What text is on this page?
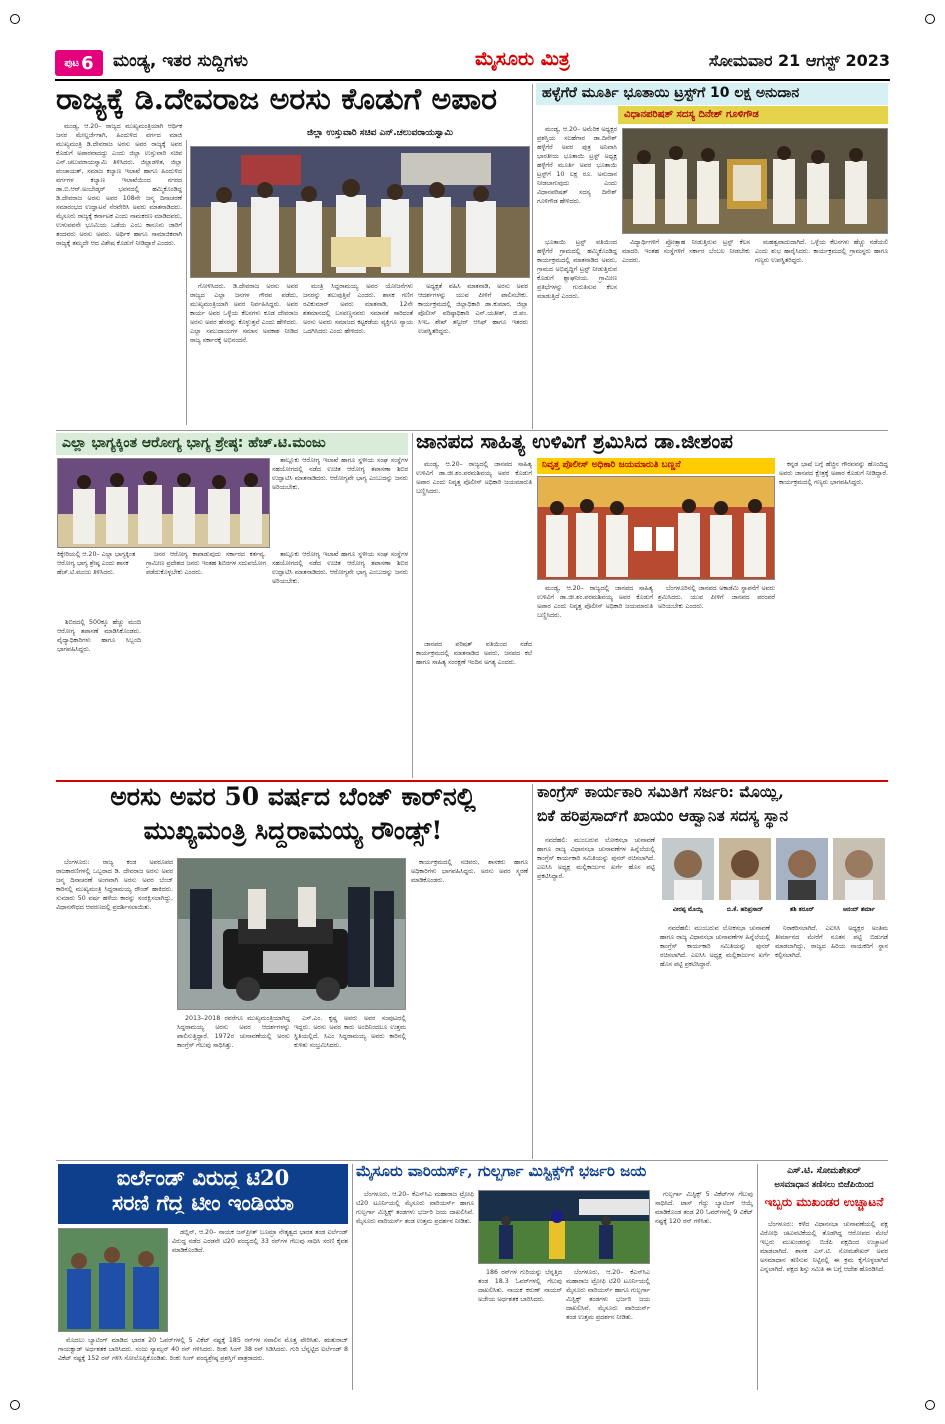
ಪುಟ 6 ಮಂಡ್ಯ, ಇತರ ಸುದ್ದಿಗಳು	ಮೈಸೂರು ಮಿತ್ರ	ಸೋಮವಾರ 21 ಆಗಸ್ಟ್ 2023
ರಾಜ್ಯಕ್ಕೆ ಡಿ.ದೇವರಾಜ ಅರಸು ಕೊಡುಗೆ ಅಪಾರ
ಜಿಲ್ಲಾ ಉಸ್ತುವಾರಿ ಸಚಿವ ಎನ್.ಚಲುವರಾಯಸ್ವಾಮಿ

ಮಂಡ್ಯ, ಆ.20– ರಾಜ್ಯದ ಮುಖ್ಯಮಂತ್ರಿಯಾಗಿ ಆರ್ಥಿಕ ಜನರ ಮೇಲ್ದರ್ಜೆಗಾಗಿ, ಹಿಂದುಳಿದ ವರ್ಗದ ಮಾಜಿ ಮುಖ್ಯಮಂತ್ರಿ ಡಿ.ದೇವರಾಜ ಅರಸು ಅವರ ರಾಜ್ಯಕ್ಕೆ ಅವರ ಕೊಡುಗೆ ಅಪಾರವಾದದ್ದು ಎಂದು ಜಿಲ್ಲಾ ಉಸ್ತುವಾರಿ ಸಚಿವ ಎನ್.ಚಲುವರಾಯಸ್ವಾಮಿ ತಿಳಿಸಿದರು. ಜಿಲ್ಲಾಡಳಿತ, ಜಿಲ್ಲಾ ಪಂಚಾಯತ್, ಸಮಾಜ ಕಲ್ಯಾಣ ಇಲಾಖೆ ಹಾಗೂ ಹಿಂದುಳಿದ ವರ್ಗಗಳ ಕಲ್ಯಾಣ ಇಲಾಖೆಯಿಂದ ನಗರದ ಡಾ.ಬಿ.ಆರ್.ಅಂಬೇಡ್ಕರ್ ಭವನದಲ್ಲಿ ಹಮ್ಮಿಕೊಂಡಿದ್ದ ಡಿ.ದೇವರಾಜ ಅರಸು ಅವರ 108ನೇ ಜನ್ಮ ದಿನಾಚರಣೆ ಸಮಾರಂಭದ ಉದ್ಘಾಟನೆ ನೆರವೇರಿಸಿ ಅವರು ಮಾತನಾಡಿದರು. ಮೈಸೂರು ರಾಜ್ಯಕ್ಕೆ ಕರ್ನಾಟಕ ಎಂದು ನಾಮಕರಣ ಮಾಡಿದವರು, ಉಳುವವನೇ ಭೂಮಿಯ ಒಡೆಯ ಎಂಬ ಕಾನೂನು ಜಾರಿಗೆ ತಂದವರು ಅರಸು ಅವರು. ಅರ್ಥಿಕ ಹಾಗೂ ಸಾಮಾಜಿಕವಾಗಿ ರಾಜ್ಯಕ್ಕೆ ತಮ್ಮದೇ ಆದ ವಿಶೇಷ ಕೊಡುಗೆ ನೀಡಿದ್ದಾರೆ ಎಂದರು.

ಗೋಳಿಸಿದರು. ಡಿ.ದೇವರಾಜ ಅರಸು ಅವರ ರಾಜ್ಯದ ಎಲ್ಲಾ ಜನಗಳ ಗೌರವ ಪಡೆದು, ಮುಖ್ಯಮಂತ್ರಿಯಾಗಿ ಅವರ ನಿರ್ವಹಿಸಿದ್ದರು. ಅವರ ಕಾರ್ಯ ಅವರ ಒಳ್ಳೆಯ ಕೆಲಸಗಳು ಕೂಡ ದೇವರಾಜ ಅರಸು ಅವರ ಹೆಸರನ್ನು ಕೊಳ್ಳುತ್ತವೆ ಎಂದು ಹೇಳಿದರು. ಎಲ್ಲಾ ಸಮುದಾಯಗಳ ಸಮಾನ ಅವಕಾಶ ನೀಡಿದ ರಾಜ್ಯ ಸರ್ಕಾರಕ್ಕೆ ಅಭಿನಂದನೆ.

ಮಂತ್ರಿ ಸಿದ್ದರಾಮಯ್ಯ ಅವರ ಯೋಜನೆಗಳು ಜನರನ್ನು ತಲುಪುತ್ತಿವೆ ಎಂದರು. ಶಾಸಕ ಗಣಿಗ ರವಿಕುಮಾರ್ ಅವರು ಮಾತನಾಡಿ, 12ನೇ ಶತಮಾನದಲ್ಲಿ ಬಸವಣ್ಣನವರು ಸಮಾನತೆ ಸಾರಿದಂತೆ ಅರಸು ಅವರು ಸಮಾಜದ ಕಟ್ಟಕಡೆಯ ವ್ಯಕ್ತಿಗೂ ನ್ಯಾಯ ಒದಗಿಸಿದರು ಎಂದು ಹೇಳಿದರು.

ಅಧ್ಯಕ್ಷತೆ ವಹಿಸಿ ಮಾತನಾಡಿ, ಅರಸು ಅವರ ಆದರ್ಶಗಳನ್ನು ಯುವ ಪೀಳಿಗೆ ಪಾಲಿಸಬೇಕು. ಕಾರ್ಯಕ್ರಮದಲ್ಲಿ ಜಿಲ್ಲಾಧಿಕಾರಿ ಡಾ.ಕುಮಾರ, ಜಿಲ್ಲಾ ಪೊಲೀಸ್ ವರಿಷ್ಠಾಧಿಕಾರಿ ಎನ್.ಯತೀಶ್, ಜಿ.ಪಂ. ಸಿಇಒ ಶೇಖ್ ತನ್ವೀರ್ ಆಸಿಫ್ ಹಾಗೂ ಇತರರು ಉಪಸ್ಥಿತರಿದ್ದರು.

ಹಳ್ಳೆಗೆರೆ ಮೂರ್ತಿ ಭೂತಾಯಿ ಟ್ರಸ್ಟ್‌ಗೆ 10 ಲಕ್ಷ ಅನುದಾನ
ವಿಧಾನಪರಿಷತ್ ಸದಸ್ಯ ದಿನೇಶ್ ಗೂಳಿಗೌಡ

ಮಂಡ್ಯ, ಆ.20– ಅಮೆರಿಕ ಅಧ್ಯಕ್ಷರ ಪ್ರಶಸ್ತಿಯ ಸಲಹೆಗಾರ ಡಾ.ದಿನೇಶ್ ಹಳ್ಳೆಗೆರೆ ಅವರ ಪುತ್ರ ಅನಿವಾಸಿ ಭಾರತೀಯ ಭೂತಾಯಿ ಟ್ರಸ್ಟ್ ಅಧ್ಯಕ್ಷ ಹಳ್ಳೆಗೆರೆ ಮೂರ್ತಿ ಅವರ ಭೂತಾಯಿ ಟ್ರಸ್ಟ್‌ಗೆ 10 ಲಕ್ಷ ರೂ. ಅನುದಾನ ನೀಡಲಾಗುವುದು ಎಂದು ವಿಧಾನಪರಿಷತ್ ಸದಸ್ಯ ದಿನೇಶ್ ಗೂಳಿಗೌಡ ಹೇಳಿದರು.

ಭೂತಾಯಿ ಟ್ರಸ್ಟ್ ವತಿಯಿಂದ ಹಳ್ಳೆಗೆರೆ ಗ್ರಾಮದಲ್ಲಿ ಹಮ್ಮಿಕೊಂಡಿದ್ದ ಕಾರ್ಯಕ್ರಮದಲ್ಲಿ ಮಾತನಾಡಿದ ಅವರು, ಗ್ರಾಮದ ಅಭಿವೃದ್ಧಿಗೆ ಟ್ರಸ್ಟ್ ನೀಡುತ್ತಿರುವ ಕೊಡುಗೆ ಶ್ಲಾಘನೀಯ. ಗ್ರಾಮೀಣ ಪ್ರತಿಭೆಗಳನ್ನು ಗುರುತಿಸುವ ಕೆಲಸ ಮಾಡುತ್ತಿದೆ ಎಂದರು.

ವಿದ್ಯಾರ್ಥಿಗಳಿಗೆ ಪ್ರೋತ್ಸಾಹ ನೀಡುತ್ತಿರುವ ಟ್ರಸ್ಟ್ ಕೆಲಸ ಮಾದರಿ. ಇಂತಹ ಸಂಸ್ಥೆಗಳಿಗೆ ಸರ್ಕಾರ ಬೆಂಬಲ ನೀಡಬೇಕು ಎಂದರು.

ಮಹತ್ವವಾದುದಾಗಿದೆ. ಒಳ್ಳೆಯ ಕೆಲಸಗಳು ಹೆಚ್ಚು ನಡೆಯಲಿ ಎಂದು ಶುಭ ಹಾರೈಸಿದರು. ಕಾರ್ಯಕ್ರಮದಲ್ಲಿ ಗ್ರಾಮಸ್ಥರು ಹಾಗೂ ಗಣ್ಯರು ಉಪಸ್ಥಿತರಿದ್ದರು.

ಎಲ್ಲಾ ಭಾಗ್ಯಕ್ಕಿಂತ ಆರೋಗ್ಯ ಭಾಗ್ಯ ಶ್ರೇಷ್ಠ: ಹೆಚ್.ಟಿ.ಮಂಜು

ತಾಲ್ಲೂಕು ಆರೋಗ್ಯ ಇಲಾಖೆ ಹಾಗೂ ಸ್ಥಳೀಯ ಸಂಘ ಸಂಸ್ಥೆಗಳ ಸಹಯೋಗದಲ್ಲಿ ನಡೆದ ಉಚಿತ ಆರೋಗ್ಯ ತಪಾಸಣಾ ಶಿಬಿರ ಉದ್ಘಾಟಿಸಿ ಮಾತನಾಡಿದರು. ಆರೋಗ್ಯವೇ ಭಾಗ್ಯ ಎಂಬುದನ್ನು ಜನರು ಅರಿಯಬೇಕು.

ಕಿಕ್ಕೇರಿಯಲ್ಲಿ ಆ.20– ಎಲ್ಲಾ ಭಾಗ್ಯಕ್ಕಿಂತ ಆರೋಗ್ಯ ಭಾಗ್ಯ ಶ್ರೇಷ್ಠ ಎಂದು ಶಾಸಕ ಹೆಚ್.ಟಿ.ಮಂಜು ತಿಳಿಸಿದರು.

ಶಿಬಿರದಲ್ಲಿ 500ಕ್ಕೂ ಹೆಚ್ಚು ಮಂದಿ ಆರೋಗ್ಯ ತಪಾಸಣೆ ಮಾಡಿಸಿಕೊಂಡರು. ವೈದ್ಯಾಧಿಕಾರಿಗಳು ಹಾಗೂ ಸಿಬ್ಬಂದಿ ಭಾಗವಹಿಸಿದ್ದರು.

ಜನರ ಆರೋಗ್ಯ ಕಾಪಾಡುವುದು ಸರ್ಕಾರದ ಕರ್ತವ್ಯ. ಗ್ರಾಮೀಣ ಪ್ರದೇಶದ ಜನರು ಇಂತಹ ಶಿಬಿರಗಳ ಸದುಪಯೋಗ ಪಡೆದುಕೊಳ್ಳಬೇಕು ಎಂದರು.

ತಾಲ್ಲೂಕು ಆರೋಗ್ಯ ಇಲಾಖೆ ಹಾಗೂ ಸ್ಥಳೀಯ ಸಂಘ ಸಂಸ್ಥೆಗಳ ಸಹಯೋಗದಲ್ಲಿ ನಡೆದ ಉಚಿತ ಆರೋಗ್ಯ ತಪಾಸಣಾ ಶಿಬಿರ ಉದ್ಘಾಟಿಸಿ ಮಾತನಾಡಿದರು. ಆರೋಗ್ಯವೇ ಭಾಗ್ಯ ಎಂಬುದನ್ನು ಜನರು ಅರಿಯಬೇಕು.

ಜಾನಪದ ಸಾಹಿತ್ಯ ಉಳಿವಿಗೆ ಶ್ರಮಿಸಿದ ಡಾ.ಜೀಶಂಪ

ಮಂಡ್ಯ, ಆ.20– ರಾಜ್ಯದಲ್ಲಿ ಜಾನಪದ ಸಾಹಿತ್ಯ ಉಳಿವಿಗೆ ಡಾ.ಜೀ.ಶಂ.ಪರಮಶಿವಯ್ಯ ಅವರ ಕೊಡುಗೆ ಅಪಾರ ಎಂದು ನಿವೃತ್ತ ಪೊಲೀಸ್ ಅಧಿಕಾರಿ ಜಯಮಾರುತಿ ಬಣ್ಣಿಸಿದರು.

ನಿವೃತ್ತ ಪೊಲೀಸ್ ಅಧಿಕಾರಿ ಜಯಮಾರುತಿ ಬಣ್ಣನೆ	ಕನ್ನಡ ಭಾಷೆ ಬಗ್ಗೆ ಹೆಚ್ಚಿನ ಗೌರವವನ್ನು ಹೊಂದಿದ್ದ ಅವರು ಜಾನಪದ ಕ್ಷೇತ್ರಕ್ಕೆ ಅಪಾರ ಕೊಡುಗೆ ನೀಡಿದ್ದಾರೆ. ಕಾರ್ಯಕ್ರಮದಲ್ಲಿ ಗಣ್ಯರು ಭಾಗವಹಿಸಿದ್ದರು.

ಜಾನಪದ ಪರಿಷತ್ ವತಿಯಿಂದ ನಡೆದ ಕಾರ್ಯಕ್ರಮದಲ್ಲಿ ಮಾತನಾಡಿದ ಅವರು, ಜನಪದ ಕಲೆ ಹಾಗೂ ಸಾಹಿತ್ಯ ಸಂರಕ್ಷಣೆ ಇಂದಿನ ಅಗತ್ಯ ಎಂದರು.

ಮಂಡ್ಯ, ಆ.20– ರಾಜ್ಯದಲ್ಲಿ ಜಾನಪದ ಸಾಹಿತ್ಯ ಉಳಿವಿಗೆ ಡಾ.ಜೀ.ಶಂ.ಪರಮಶಿವಯ್ಯ ಅವರ ಕೊಡುಗೆ ಅಪಾರ ಎಂದು ನಿವೃತ್ತ ಪೊಲೀಸ್ ಅಧಿಕಾರಿ ಜಯಮಾರುತಿ ಬಣ್ಣಿಸಿದರು.

ಬೆಂಗಳೂರಿನಲ್ಲಿ ಜಾನಪದ ಅಕಾಡೆಮಿ ಸ್ಥಾಪನೆಗೆ ಅವರು ಶ್ರಮಿಸಿದರು. ಯುವ ಪೀಳಿಗೆ ಜಾನಪದ ಪರಂಪರೆ ಅರಿಯಬೇಕು ಎಂದರು.

ಅರಸು ಅವರ 50 ವರ್ಷದ ಬೆಂಜ್ ಕಾರ್‌ನಲ್ಲಿ
ಮುಖ್ಯಮಂತ್ರಿ ಸಿದ್ದರಾಮಯ್ಯ ರೌಂಡ್ಸ್!

ಬೆಂಗಳೂರು: ರಾಜ್ಯ ಕಂಡ ಅಪರೂಪದ ರಾಜಕಾರಣಿಗಳಲ್ಲಿ ಒಬ್ಬರಾದ ಡಿ. ದೇವರಾಜ ಅರಸು ಅವರ ಜನ್ಮ ದಿನಾಚರಣೆ ಅಂಗವಾಗಿ ಅರಸು ಅವರ ಬೆಂಜ್ ಕಾರಿನಲ್ಲಿ ಮುಖ್ಯಮಂತ್ರಿ ಸಿದ್ದರಾಮಯ್ಯ ರೌಂಡ್ ಹಾಕಿದರು. ಸುಮಾರು 50 ವರ್ಷ ಹಳೆಯ ಕಾರನ್ನು ಸಂರಕ್ಷಿಸಲಾಗಿದ್ದು, ವಿಧಾನಸೌಧದ ಆವರಣದಲ್ಲಿ ಪ್ರದರ್ಶಿಸಲಾಯಿತು.

2013–2018 ರವರೆಗೂ ಮುಖ್ಯಮಂತ್ರಿಯಾಗಿದ್ದ ಸಿದ್ದರಾಮಯ್ಯ ಅರಸು ಅವರ ಆದರ್ಶಗಳನ್ನು ಪಾಲಿಸುತ್ತಿದ್ದಾರೆ. 1972ರ ಚುನಾವಣೆಯಲ್ಲಿ ಅರಸು ಕಾಂಗ್ರೆಸ್ ಗೆಲುವು ಸಾಧಿಸಿತ್ತು.

ಎಸ್.ಎಂ. ಕೃಷ್ಣ ಅವರು ಅವರ ಸಂಪುಟದಲ್ಲಿ ಇದ್ದರು. ಅರಸು ಅವರ ಕಾರು ಅಂದಿನಿಂದಲೂ ಉತ್ತಮ ಸ್ಥಿತಿಯಲ್ಲಿದೆ. ಸಿಎಂ ಸಿದ್ದರಾಮಯ್ಯ ಅವರು ಕಾರಿನಲ್ಲಿ ಕುಳಿತು ಸಂಭ್ರಮಿಸಿದರು.

ಕಾರ್ಯಕ್ರಮದಲ್ಲಿ ಸಚಿವರು, ಶಾಸಕರು ಹಾಗೂ ಅಧಿಕಾರಿಗಳು ಭಾಗವಹಿಸಿದ್ದರು. ಅರಸು ಅವರ ಸ್ಮರಣೆ ಮಾಡಿಕೊಂಡರು.

ಕಾಂಗ್ರೆಸ್ ಕಾರ್ಯಕಾರಿ ಸಮಿತಿಗೆ ಸರ್ಜರಿ: ಮೊಯ್ಲಿ,
ಬಿಕೆ ಹರಿಪ್ರಸಾದ್‌ಗೆ ಖಾಯಂ ಆಹ್ವಾನಿತ ಸದಸ್ಯ ಸ್ಥಾನ

ನವದೆಹಲಿ: ಮುಂಬರುವ ಲೋಕಸಭಾ ಚುನಾವಣೆ ಹಾಗೂ ರಾಜ್ಯ ವಿಧಾನಸಭಾ ಚುನಾವಣೆಗಳ ಹಿನ್ನೆಲೆಯಲ್ಲಿ ಕಾಂಗ್ರೆಸ್ ಕಾರ್ಯಕಾರಿ ಸಮಿತಿಯನ್ನು ಪುನರ್ ರಚಿಸಲಾಗಿದೆ. ಎಐಸಿಸಿ ಅಧ್ಯಕ್ಷ ಮಲ್ಲಿಕಾರ್ಜುನ ಖರ್ಗೆ ಹೊಸ ಪಟ್ಟಿ ಪ್ರಕಟಿಸಿದ್ದಾರೆ.

ವೀರಪ್ಪ ಮೊಯ್ಲಿ	ಬಿ.ಕೆ. ಹರಿಪ್ರಸಾದ್	ಶಶಿ ತರೂರ್	ಆನಂದ್ ಶರ್ಮಾ

ನವದೆಹಲಿ: ಮುಂಬರುವ ಲೋಕಸಭಾ ಚುನಾವಣೆ ಹಾಗೂ ರಾಜ್ಯ ವಿಧಾನಸಭಾ ಚುನಾವಣೆಗಳ ಹಿನ್ನೆಲೆಯಲ್ಲಿ ಕಾಂಗ್ರೆಸ್ ಕಾರ್ಯಕಾರಿ ಸಮಿತಿಯನ್ನು ಪುನರ್ ರಚಿಸಲಾಗಿದೆ. ಎಐಸಿಸಿ ಅಧ್ಯಕ್ಷ ಮಲ್ಲಿಕಾರ್ಜುನ ಖರ್ಗೆ ಹೊಸ ಪಟ್ಟಿ ಪ್ರಕಟಿಸಿದ್ದಾರೆ.

ನಿರಾಕರಿಸಲಾಗಿದೆ. ಎಐಸಿಸಿ ಅಧ್ಯಕ್ಷರ ಅಂತಿಮ ತೀರ್ಮಾನದ ಮೇರೆಗೆ ನೂತನ ಪಟ್ಟಿ ಬಿಡುಗಡೆ ಮಾಡಲಾಗಿದ್ದು, ರಾಜ್ಯದ ಹಿರಿಯ ನಾಯಕರಿಗೆ ಸ್ಥಾನ ಕಲ್ಪಿಸಲಾಗಿದೆ.

ಐರ್ಲೆಂಡ್ ವಿರುದ್ಧ ಟಿ20
ಸರಣಿ ಗೆದ್ದ ಟೀಂ ಇಂಡಿಯಾ

ಡಬ್ಲಿನ್, ಆ.20– ನಾಯಕ ಜಸ್‌ಪ್ರೀತ್ ಬೂಮ್ರಾ ನೇತೃತ್ವದ ಭಾರತ ತಂಡ ಐರ್ಲೆಂಡ್ ವಿರುದ್ಧ ನಡೆದ ಎರಡನೇ ಟಿ20 ಪಂದ್ಯದಲ್ಲಿ 33 ರನ್‌ಗಳ ಗೆಲುವು ಸಾಧಿಸಿ ಸರಣಿ ಕೈವಶ ಮಾಡಿಕೊಂಡಿದೆ.

ಮೊದಲು ಬ್ಯಾಟಿಂಗ್ ಮಾಡಿದ ಭಾರತ 20 ಓವರ್‌ಗಳಲ್ಲಿ 5 ವಿಕೆಟ್ ನಷ್ಟಕ್ಕೆ 185 ರನ್‌ಗಳ ಸವಾಲಿನ ಮೊತ್ತ ಪೇರಿಸಿತು. ಋತುರಾಜ್ ಗಾಯಕ್ವಾಡ್ ಅರ್ಧಶತಕ ಬಾರಿಸಿದರು. ಸಂಜು ಸ್ಯಾಮ್ಸನ್ 40 ರನ್ ಗಳಿಸಿದರು. ರಿಂಕು ಸಿಂಗ್ 38 ರನ್ ಸಿಡಿಸಿದರು. ಗುರಿ ಬೆನ್ನಟ್ಟಿದ ಐರ್ಲೆಂಡ್ 8 ವಿಕೆಟ್ ನಷ್ಟಕ್ಕೆ 152 ರನ್ ಗಳಿಸಿ ಸೋಲೊಪ್ಪಿಕೊಂಡಿತು. ರಿಂಕು ಸಿಂಗ್ ಪಂದ್ಯಶ್ರೇಷ್ಠ ಪ್ರಶಸ್ತಿಗೆ ಪಾತ್ರರಾದರು.

ಮೈಸೂರು ವಾರಿಯರ್ಸ್, ಗುಲ್ಬರ್ಗಾ ಮಿಸ್ಟಿಕ್ಸ್‌ಗೆ ಭರ್ಜರಿ ಜಯ

ಬೆಂಗಳೂರು, ಆ.20– ಕೆಎಸ್‌ಸಿಎ ಮಹಾರಾಜ ಟ್ರೋಫಿ ಟಿ20 ಟೂರ್ನಿಯಲ್ಲಿ ಮೈಸೂರು ವಾರಿಯರ್ಸ್ ಹಾಗೂ ಗುಲ್ಬರ್ಗಾ ಮಿಸ್ಟಿಕ್ಸ್ ತಂಡಗಳು ಭರ್ಜರಿ ಜಯ ದಾಖಲಿಸಿವೆ. ಮೈಸೂರು ವಾರಿಯರ್ಸ್ ತಂಡ ಉತ್ತಮ ಪ್ರದರ್ಶನ ನೀಡಿತು.

186 ರನ್‌ಗಳ ಗುರಿಯನ್ನು ಬೆನ್ನತ್ತಿದ ತಂಡ 18.3 ಓವರ್‌ಗಳಲ್ಲಿ ಗೆಲುವು ದಾಖಲಿಸಿತು. ನಾಯಕ ಕರುಣ್ ನಾಯರ್ ಅಜೇಯ ಅರ್ಧಶತಕ ಬಾರಿಸಿದರು.

ಬೆಂಗಳೂರು, ಆ.20– ಕೆಎಸ್‌ಸಿಎ ಮಹಾರಾಜ ಟ್ರೋಫಿ ಟಿ20 ಟೂರ್ನಿಯಲ್ಲಿ ಮೈಸೂರು ವಾರಿಯರ್ಸ್ ಹಾಗೂ ಗುಲ್ಬರ್ಗಾ ಮಿಸ್ಟಿಕ್ಸ್ ತಂಡಗಳು ಭರ್ಜರಿ ಜಯ ದಾಖಲಿಸಿವೆ. ಮೈಸೂರು ವಾರಿಯರ್ಸ್ ತಂಡ ಉತ್ತಮ ಪ್ರದರ್ಶನ ನೀಡಿತು.

ಗುಲ್ಬರ್ಗಾ ಮಿಸ್ಟಿಕ್ಸ್ 5 ವಿಕೆಟ್‌ಗಳ ಗೆಲುವು ಸಾಧಿಸಿದೆ. ಟಾಸ್ ಗೆದ್ದು ಬ್ಯಾಟಿಂಗ್ ಆಯ್ಕೆ ಮಾಡಿಕೊಂಡ ತಂಡ 20 ಓವರ್‌ಗಳಲ್ಲಿ 9 ವಿಕೆಟ್ ನಷ್ಟಕ್ಕೆ 120 ರನ್ ಗಳಿಸಿತು.

ಎಸ್.ಟಿ. ಸೋಮಶೇಖರ್
ಅಸಮಾಧಾನ ತಣಿಸಲು ಬಿಜೆಪಿಯಿಂದ
ಇಬ್ಬರು ಮುಖಂಡರ ಉಚ್ಚಾಟನೆ

ಬೆಂಗಳೂರು: ಕಳೆದ ವಿಧಾನಸಭಾ ಚುನಾವಣೆಯಲ್ಲಿ ಪಕ್ಷ ವಿರೋಧಿ ಚಟುವಟಿಕೆಯಲ್ಲಿ ತೊಡಗಿದ್ದ ಆರೋಪದ ಮೇಲೆ ಇಬ್ಬರು ಮುಖಂಡರನ್ನು ಬಿಜೆಪಿ ಪಕ್ಷದಿಂದ ಉಚ್ಚಾಟನೆ ಮಾಡಲಾಗಿದೆ. ಶಾಸಕ ಎಸ್.ಟಿ. ಸೋಮಶೇಖರ್ ಅವರ ಅಸಮಾಧಾನ ತಣಿಸುವ ನಿಟ್ಟಿನಲ್ಲಿ ಈ ಕ್ರಮ ಕೈಗೊಳ್ಳಲಾಗಿದೆ ಎನ್ನಲಾಗಿದೆ. ಪಕ್ಷದ ಶಿಸ್ತು ಸಮಿತಿ ಈ ಬಗ್ಗೆ ಆದೇಶ ಹೊರಡಿಸಿದೆ.
